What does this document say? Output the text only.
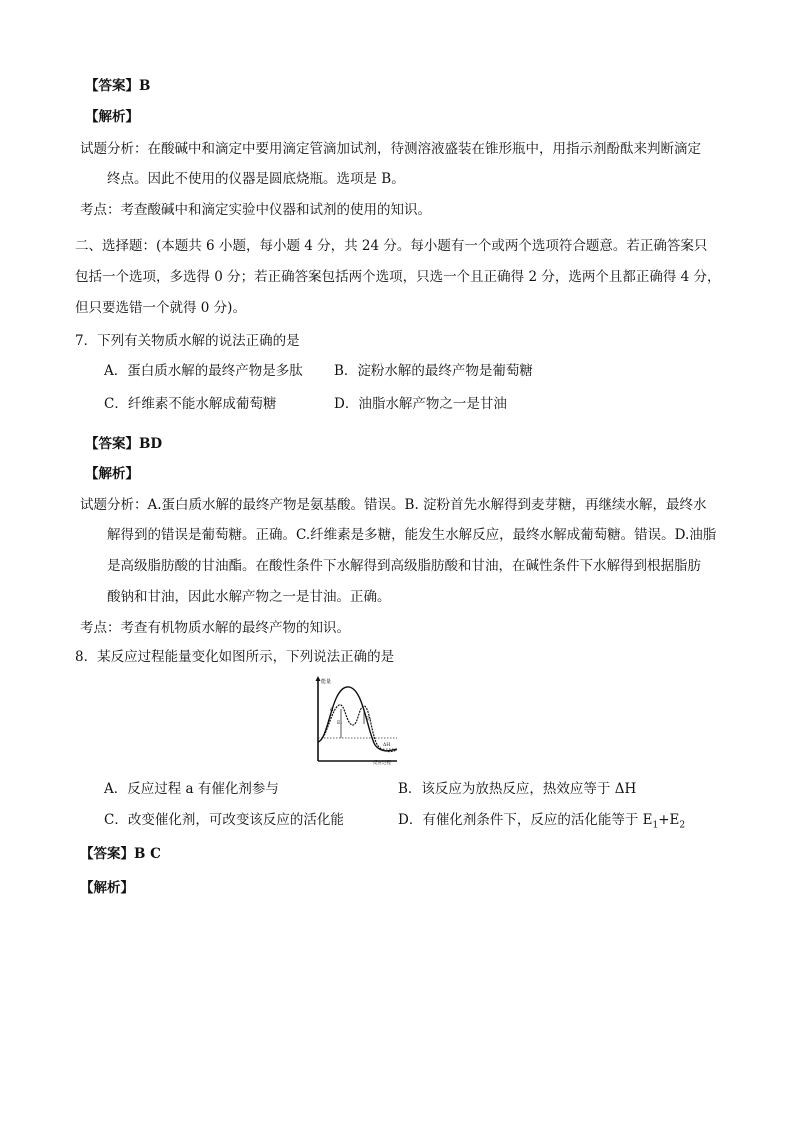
【答案】B
【解析】
试题分析：在酸碱中和滴定中要用滴定管滴加试剂，待测溶液盛装在锥形瓶中，用指示剂酚酞来判断滴定
终点。因此不使用的仪器是圆底烧瓶。选项是 B。
考点：考查酸碱中和滴定实验中仪器和试剂的使用的知识。
二、选择题：(本题共 6 小题，每小题 4 分，共 24 分。每小题有一个或两个选项符合题意。若正确答案只
包括一个选项，多选得 0 分；若正确答案包括两个选项，只选一个且正确得 2 分，选两个且都正确得 4 分，
但只要选错一个就得 0 分)。
7．下列有关物质水解的说法正确的是
A．蛋白质水解的最终产物是多肽 B．淀粉水解的最终产物是葡萄糖
C．纤维素不能水解成葡萄糖	D．油脂水解产物之一是甘油
【答案】BD
【解析】
试题分析：A.蛋白质水解的最终产物是氨基酸。错误。B. 淀粉首先水解得到麦芽糖，再继续水解，最终水
解得到的错误是葡萄糖。正确。C.纤维素是多糖，能发生水解反应，最终水解成葡萄糖。错误。D.油脂
是高级脂肪酸的甘油酯。在酸性条件下水解得到高级脂肪酸和甘油，在碱性条件下水解得到根据脂肪
酸钠和甘油，因此水解产物之一是甘油。正确。
考点：考查有机物质水解的最终产物的知识。
8．某反应过程能量变化如图所示，下列说法正确的是
能量
反应过程
a
E₁
E₂
ΔH
A．反应过程 a 有催化剂参与	B．该反应为放热反应，热效应等于 ΔH
C．改变催化剂，可改变该反应的活化能	D．有催化剂条件下，反应的活化能等于 $E_1+E_2$
【答案】B C
【解析】
